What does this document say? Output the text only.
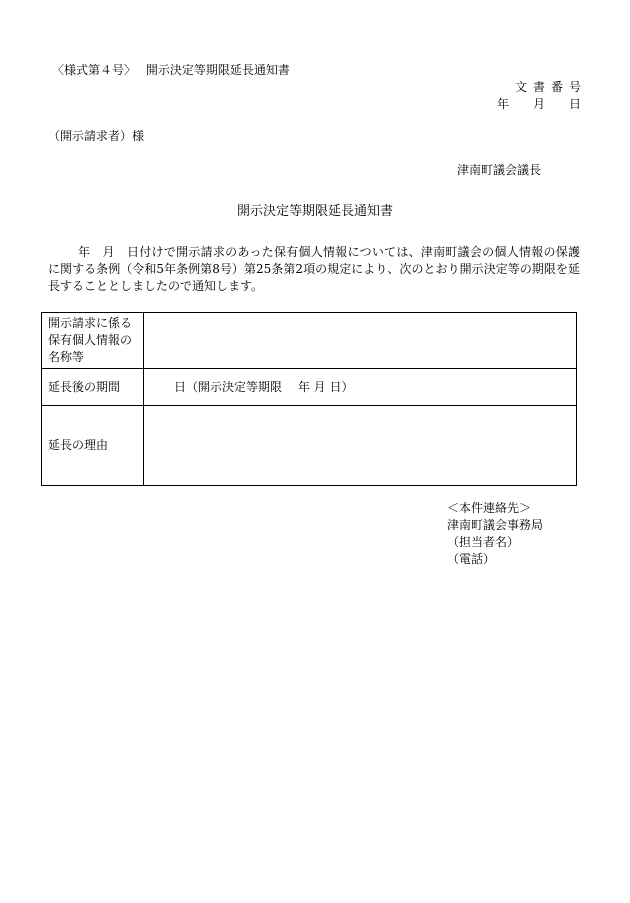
〈様式第４号〉　 開示決定等期限延長通知書
文書番号
年　月　日
（開示請求者）様
津南町議会議長
開示決定等期限延長通知書
年　月　日付けで開示請求のあった保有個人情報については、津南町議会の個人情報の保護に関する条例（令和5年条例第8号）第25条第2項の規定により、次のとおり開示決定等の期限を延長することとしましたので通知します。
開示請求に係る保有個人情報の名称等	
延長後の期間	日（開示決定等期限　 年 月 日）
延長の理由	
＜本件連絡先＞
津南町議会事務局
（担当者名）
（電話）
